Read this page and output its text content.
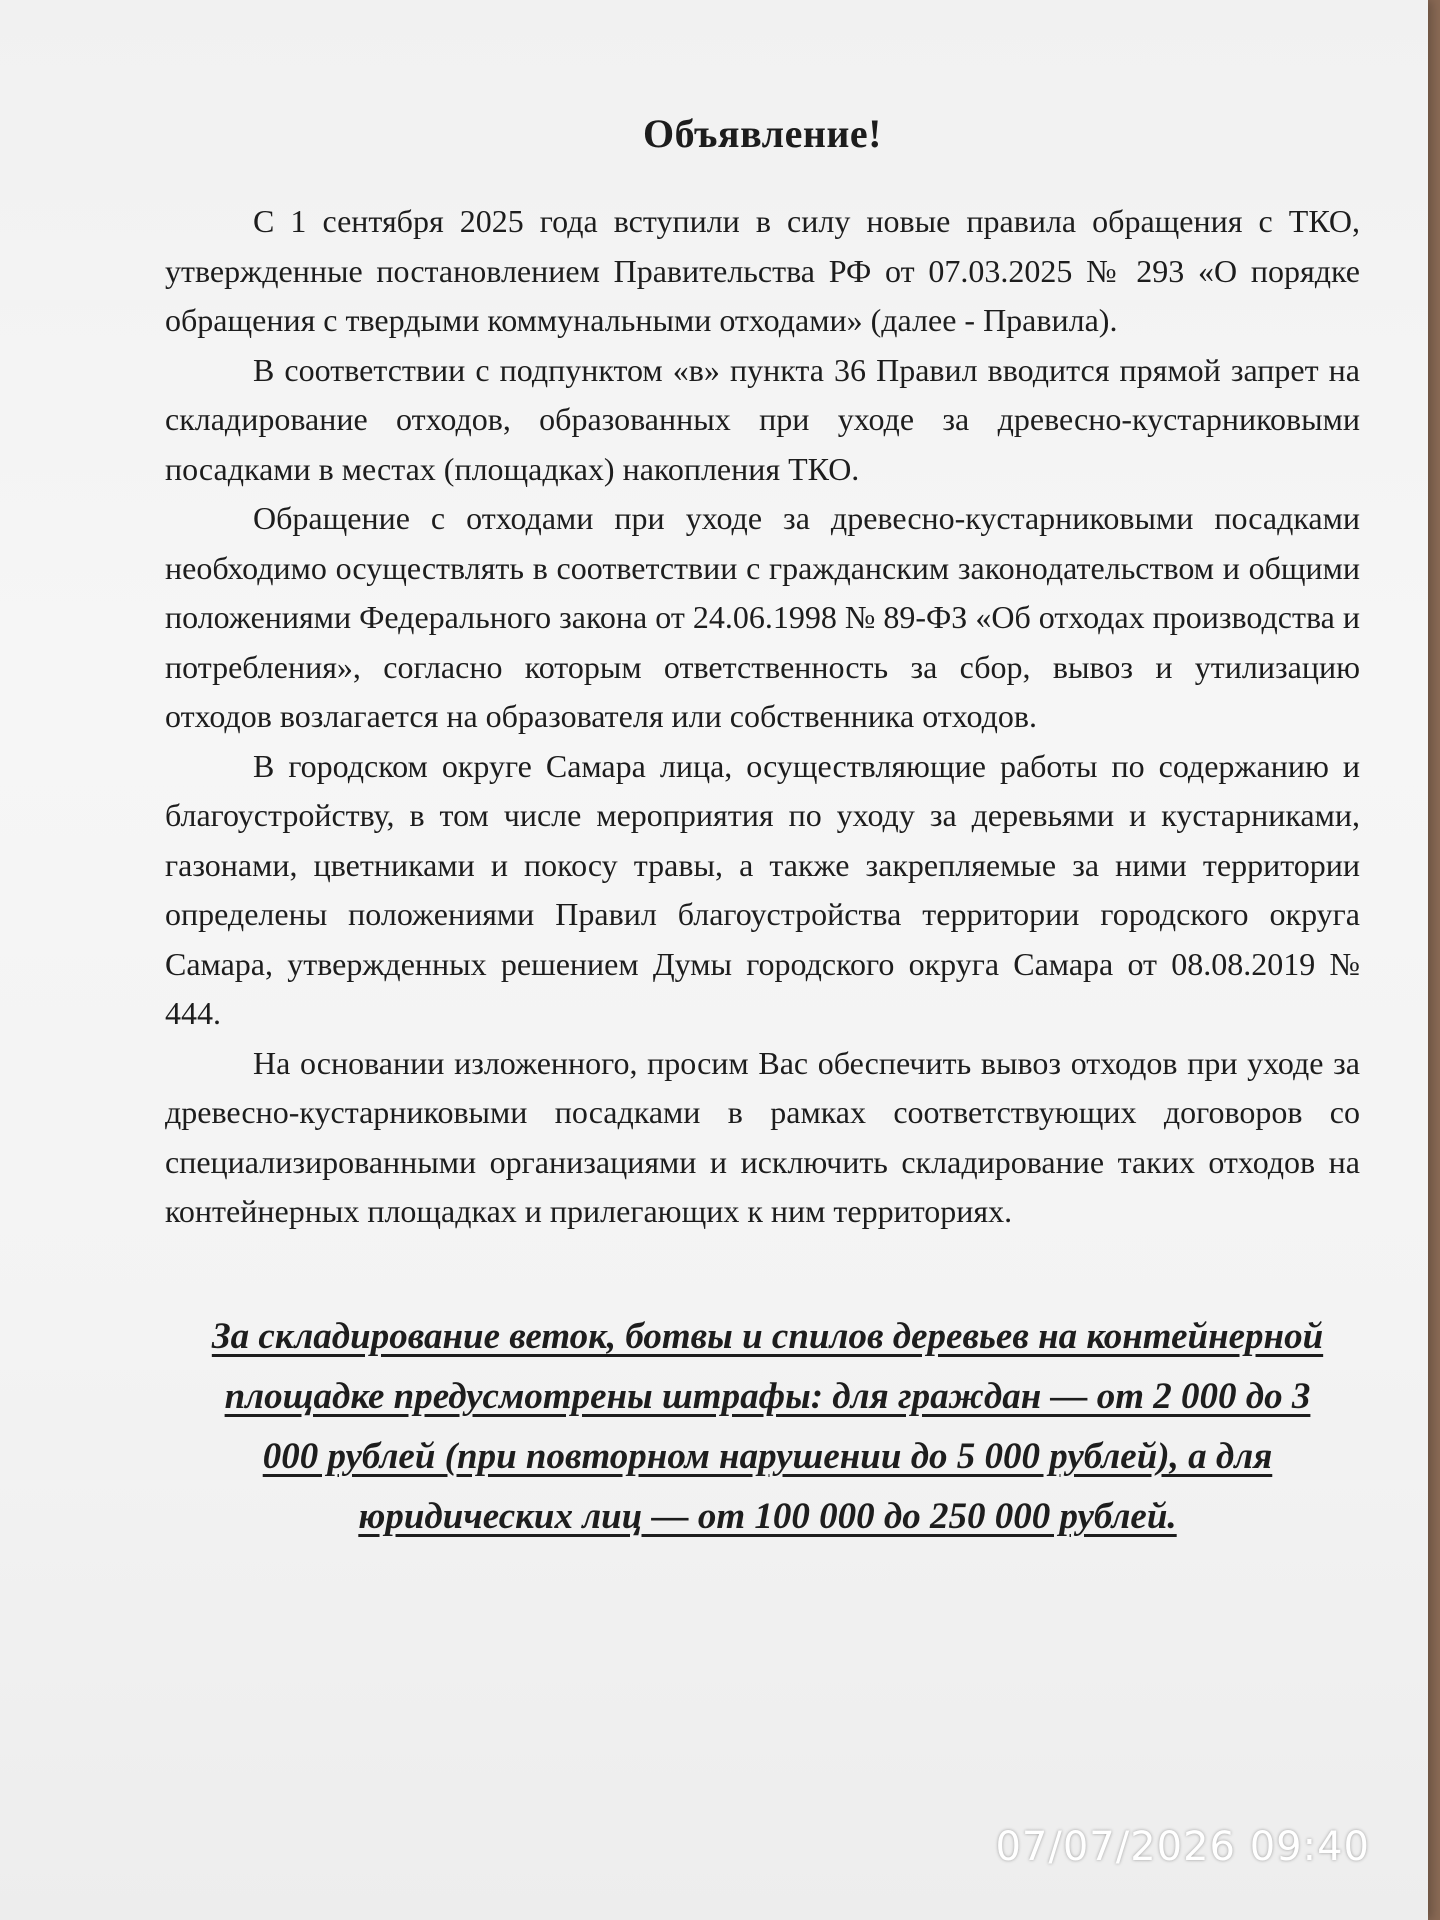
Объявление!

С 1 сентября 2025 года вступили в силу новые правила обращения с ТКО, утвержденные постановлением Правительства РФ от 07.03.2025 № 293 «О порядке обращения с твердыми коммунальными отходами» (далее - Правила).

В соответствии с подпунктом «в» пункта 36 Правил вводится прямой запрет на складирование отходов, образованных при уходе за древесно-кустарниковыми посадками в местах (площадках) накопления ТКО.

Обращение с отходами при уходе за древесно-кустарниковыми посадками необходимо осуществлять в соответствии с гражданским законодательством и общими положениями Федерального закона от 24.06.1998 № 89-ФЗ «Об отходах производства и потребления», согласно которым ответственность за сбор, вывоз и утилизацию отходов возлагается на образователя или собственника отходов.

В городском округе Самара лица, осуществляющие работы по содержанию и благоустройству, в том числе мероприятия по уходу за деревьями и кустарниками, газонами, цветниками и покосу травы, а также закрепляемые за ними территории определены положениями Правил благоустройства территории городского округа Самара, утвержденных решением Думы городского округа Самара от 08.08.2019 № 444.

На основании изложенного, просим Вас обеспечить вывоз отходов при уходе за древесно-кустарниковыми посадками в рамках соответствующих договоров со специализированными организациями и исключить складирование таких отходов на контейнерных площадках и прилегающих к ним территориях.

За складирование веток, ботвы и спилов деревьев на контейнерной площадке предусмотрены штрафы: для граждан — от 2 000 до 3 000 рублей (при повторном нарушении до 5 000 рублей), а для юридических лиц — от 100 000 до 250 000 рублей.
07/07/2026 09:40
